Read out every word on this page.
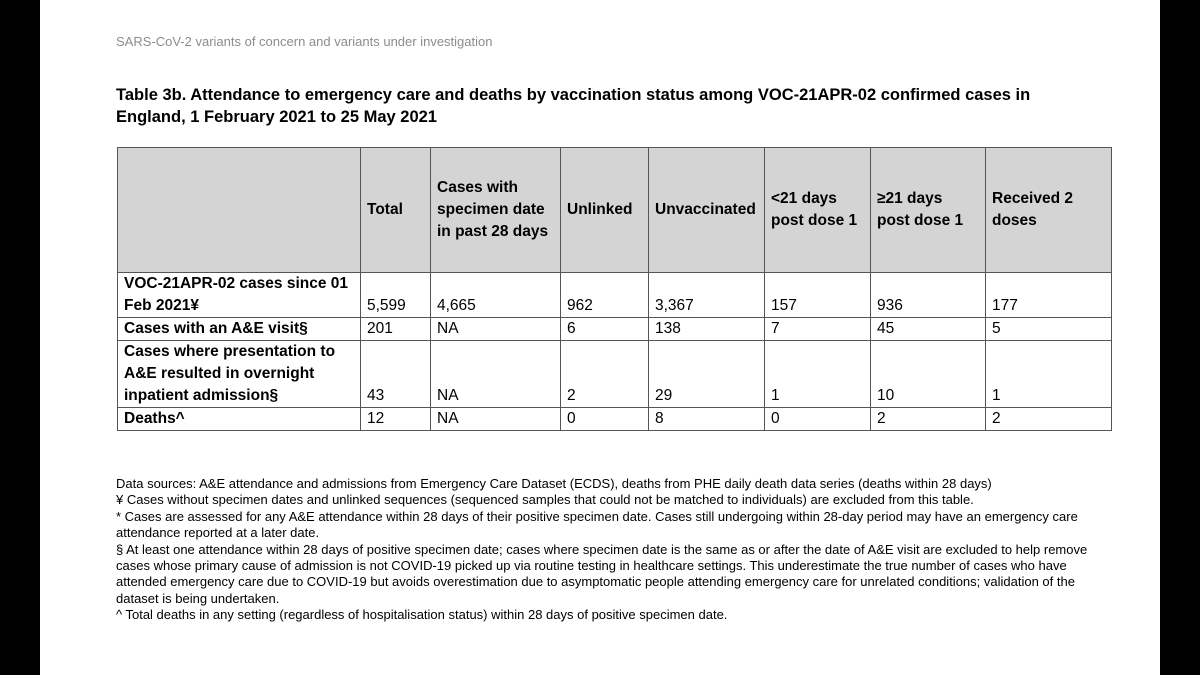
SARS-CoV-2 variants of concern and variants under investigation
Table 3b. Attendance to emergency care and deaths by vaccination status among VOC-21APR-02 confirmed cases in
England, 1 February 2021 to 25 May 2021
	Total	Cases with specimen date in past 28 days	Unlinked	Unvaccinated	<21 days post dose 1	≥21 days post dose 1	Received 2 doses
VOC-21APR-02 cases since 01 Feb 2021¥	5,599	4,665	962	3,367	157	936	177
Cases with an A&E visit§	201	NA	6	138	7	45	5
Cases where presentation to A&E resulted in overnight inpatient admission§	43	NA	2	29	1	10	1
Deaths^	12	NA	0	8	0	2	2

Data sources: A&E attendance and admissions from Emergency Care Dataset (ECDS), deaths from PHE daily death data series (deaths within 28 days)

¥ Cases without specimen dates and unlinked sequences (sequenced samples that could not be matched to individuals) are excluded from this table.

* Cases are assessed for any A&E attendance within 28 days of their positive specimen date. Cases still undergoing within 28-day period may have an emergency care attendance reported at a later date.

§ At least one attendance within 28 days of positive specimen date; cases where specimen date is the same as or after the date of A&E visit are excluded to help remove cases whose primary cause of admission is not COVID-19 picked up via routine testing in healthcare settings. This underestimate the true number of cases who have attended emergency care due to COVID-19 but avoids overestimation due to asymptomatic people attending emergency care for unrelated conditions; validation of the dataset is being undertaken.

^ Total deaths in any setting (regardless of hospitalisation status) within 28 days of positive specimen date.
